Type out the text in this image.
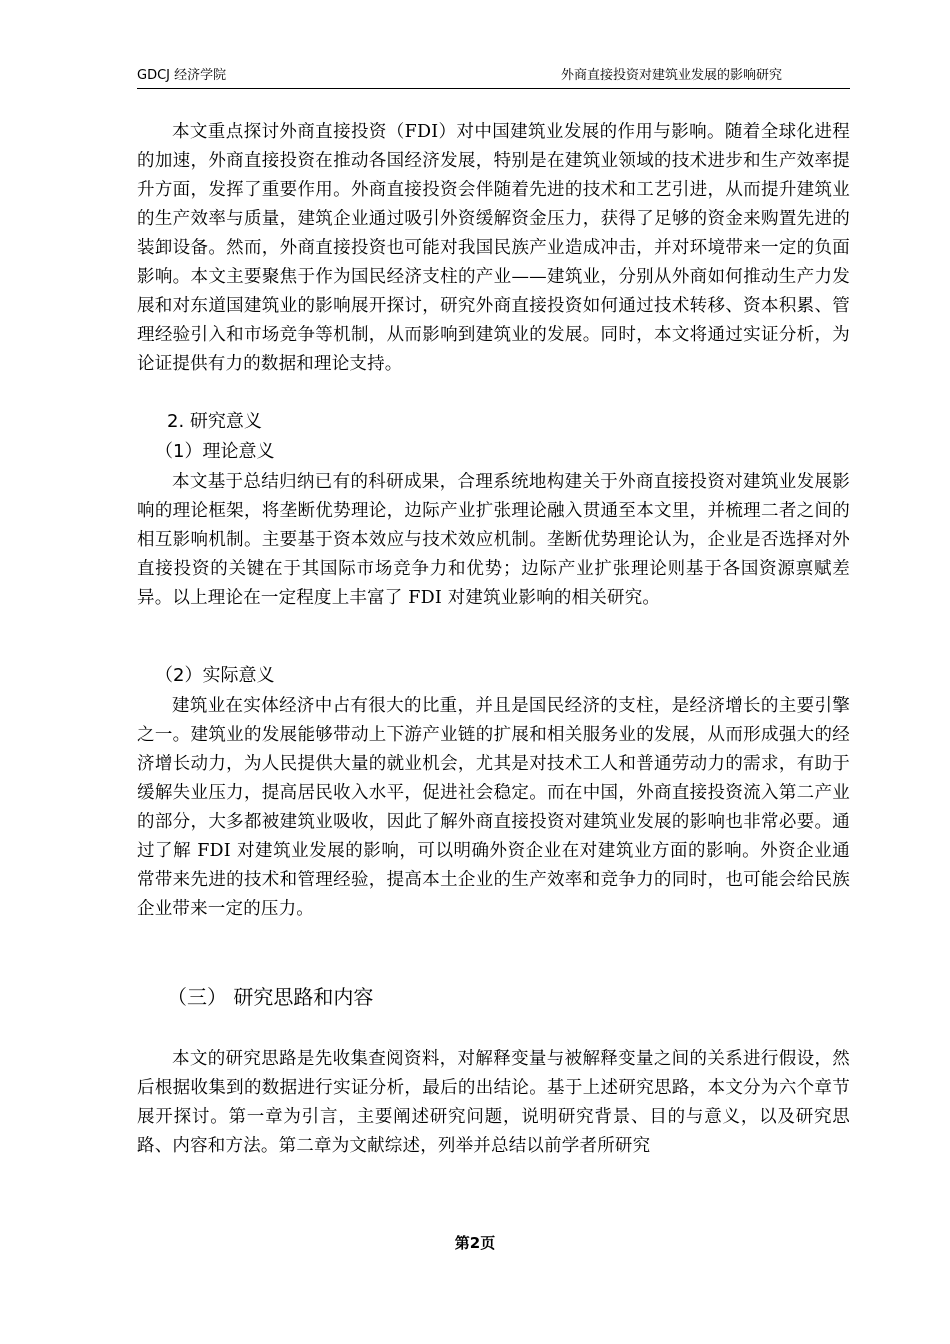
GDCJ 经济学院	外商直接投资对建筑业发展的影响研究

本文重点探讨外商直接投资（FDI）对中国建筑业发展的作用与影响。随着全球化进程的加速，外商直接投资在推动各国经济发展，特别是在建筑业领域的技术进步和生产效率提升方面，发挥了重要作用。外商直接投资会伴随着先进的技术和工艺引进，从而提升建筑业的生产效率与质量，建筑企业通过吸引外资缓解资金压力，获得了足够的资金来购置先进的装卸设备。然而，外商直接投资也可能对我国民族产业造成冲击，并对环境带来一定的负面影响。本文主要聚焦于作为国民经济支柱的产业——建筑业，分别从外商如何推动生产力发展和对东道国建筑业的影响展开探讨，研究外商直接投资如何通过技术转移、资本积累、管理经验引入和市场竞争等机制，从而影响到建筑业的发展。同时，本文将通过实证分析，为论证提供有力的数据和理论支持。

2. 研究意义

（1）理论意义

本文基于总结归纳已有的科研成果，合理系统地构建关于外商直接投资对建筑业发展影响的理论框架，将垄断优势理论，边际产业扩张理论融入贯通至本文里，并梳理二者之间的相互影响机制。主要基于资本效应与技术效应机制。垄断优势理论认为，企业是否选择对外直接投资的关键在于其国际市场竞争力和优势；边际产业扩张理论则基于各国资源禀赋差异。以上理论在一定程度上丰富了 FDI 对建筑业影响的相关研究。

（2）实际意义

建筑业在实体经济中占有很大的比重，并且是国民经济的支柱，是经济增长的主要引擎之一。建筑业的发展能够带动上下游产业链的扩展和相关服务业的发展，从而形成强大的经济增长动力，为人民提供大量的就业机会，尤其是对技术工人和普通劳动力的需求，有助于缓解失业压力，提高居民收入水平，促进社会稳定。而在中国，外商直接投资流入第二产业的部分，大多都被建筑业吸收，因此了解外商直接投资对建筑业发展的影响也非常必要。通过了解 FDI 对建筑业发展的影响，可以明确外资企业在对建筑业方面的影响。外资企业通常带来先进的技术和管理经验，提高本土企业的生产效率和竞争力的同时，也可能会给民族企业带来一定的压力。

（三） 研究思路和内容

本文的研究思路是先收集查阅资料，对解释变量与被解释变量之间的关系进行假设，然后根据收集到的数据进行实证分析，最后的出结论。基于上述研究思路，本文分为六个章节展开探讨。第一章为引言，主要阐述研究问题，说明研究背景、目的与意义，以及研究思路、内容和方法。第二章为文献综述，列举并总结以前学者所研究

第2页
